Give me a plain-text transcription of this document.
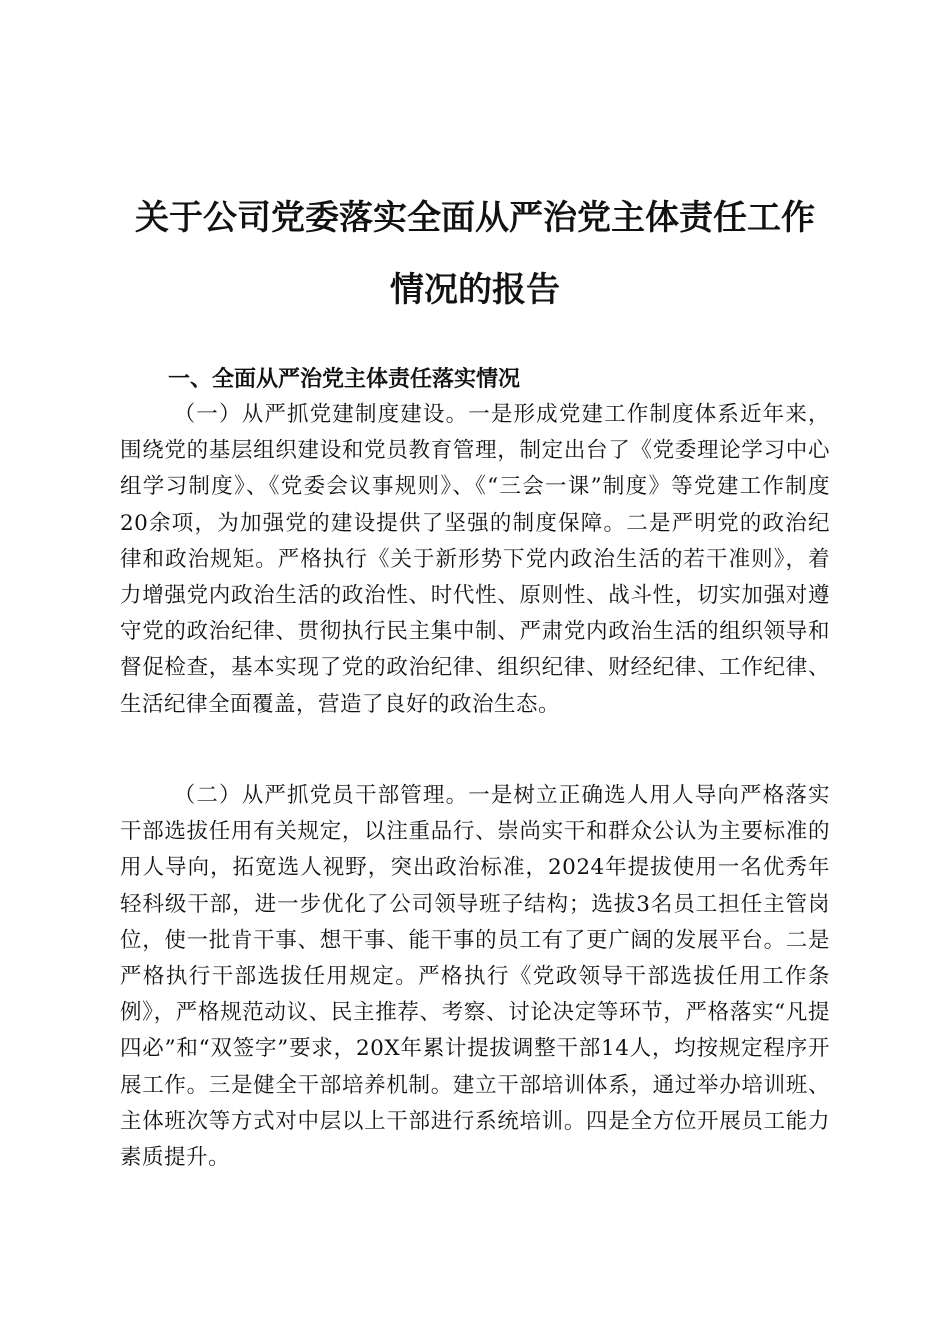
关于公司党委落实全面从严治党主体责任工作
情况的报告
一、全面从严治党主体责任落实情况
（一）从严抓党建制度建设。一是形成党建工作制度体系近年来，围绕党的基层组织建设和党员教育管理，制定出台了《党委理论学习中心组学习制度》、《党委会议事规则》、《“三会一课”制度》等党建工作制度20余项，为加强党的建设提供了坚强的制度保障。二是严明党的政治纪律和政治规矩。严格执行《关于新形势下党内政治生活的若干准则》，着力增强党内政治生活的政治性、时代性、原则性、战斗性，切实加强对遵守党的政治纪律、贯彻执行民主集中制、严肃党内政治生活的组织领导和督促检查，基本实现了党的政治纪律、组织纪律、财经纪律、工作纪律、生活纪律全面覆盖，营造了良好的政治生态。
（二）从严抓党员干部管理。一是树立正确选人用人导向严格落实干部选拔任用有关规定，以注重品行、崇尚实干和群众公认为主要标准的用人导向，拓宽选人视野，突出政治标准，2024年提拔使用一名优秀年轻科级干部，进一步优化了公司领导班子结构；选拔3名员工担任主管岗位，使一批肯干事、想干事、能干事的员工有了更广阔的发展平台。二是严格执行干部选拔任用规定。严格执行《党政领导干部选拔任用工作条例》，严格规范动议、民主推荐、考察、讨论决定等环节，严格落实“凡提四必”和“双签字”要求，20X年累计提拔调整干部14人，均按规定程序开展工作。三是健全干部培养机制。建立干部培训体系，通过举办培训班、主体班次等方式对中层以上干部进行系统培训。四是全方位开展员工能力素质提升。
